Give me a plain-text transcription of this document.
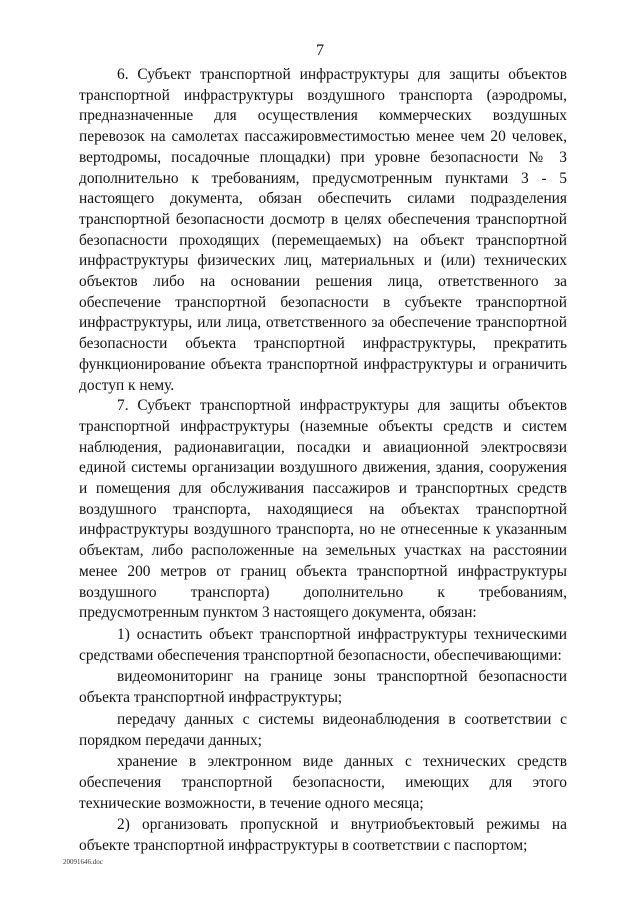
7

6. Субъект транспортной инфраструктуры для защиты объектов транспортной инфраструктуры воздушного транспорта (аэродромы, предназначенные для осуществления коммерческих воздушных перевозок на самолетах пассажировместимостью менее чем 20 человек, вертодромы, посадочные площадки) при уровне безопасности № 3 дополнительно к требованиям, предусмотренным пунктами 3 - 5 настоящего документа, обязан обеспечить силами подразделения транспортной безопасности досмотр в целях обеспечения транспортной безопасности проходящих (перемещаемых) на объект транспортной инфраструктуры физических лиц, материальных и (или) технических объектов либо на основании решения лица, ответственного за обеспечение транспортной безопасности в субъекте транспортной инфраструктуры, или лица, ответственного за обеспечение транспортной безопасности объекта транспортной инфраструктуры, прекратить функционирование объекта транспортной инфраструктуры и ограничить доступ к нему.

7. Субъект транспортной инфраструктуры для защиты объектов транспортной инфраструктуры (наземные объекты средств и систем наблюдения, радионавигации, посадки и авиационной электросвязи единой системы организации воздушного движения, здания, сооружения и помещения для обслуживания пассажиров и транспортных средств воздушного транспорта, находящиеся на объектах транспортной инфраструктуры воздушного транспорта, но не отнесенные к указанным объектам, либо расположенные на земельных участках на расстоянии менее 200 метров от границ объекта транспортной инфраструктуры воздушного транспорта) дополнительно к требованиям, предусмотренным пунктом 3 настоящего документа, обязан:

1) оснастить объект транспортной инфраструктуры техническими средствами обеспечения транспортной безопасности, обеспечивающими:

видеомониторинг на границе зоны транспортной безопасности объекта транспортной инфраструктуры;

передачу данных с системы видеонаблюдения в соответствии с порядком передачи данных;

хранение в электронном виде данных с технических средств обеспечения транспортной безопасности, имеющих для этого технические возможности, в течение одного месяца;

2) организовать пропускной и внутриобъектовый режимы на объекте транспортной инфраструктуры в соответствии с паспортом;

20091646.doc
